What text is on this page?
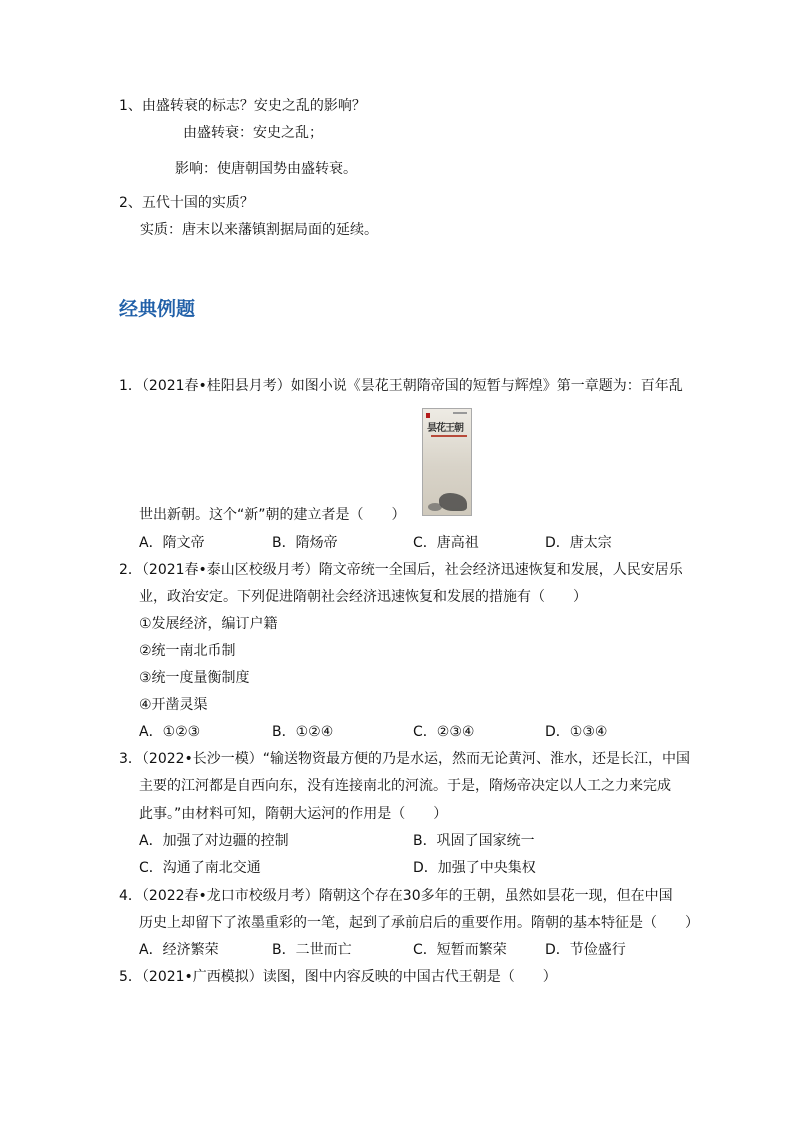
1、由盛转衰的标志？安史之乱的影响？
由盛转衰：安史之乱；
影响：使唐朝国势由盛转衰。
2、五代十国的实质？
实质：唐末以来藩镇割据局面的延续。
经典例题
1．（2021春•桂阳县月考）如图小说《昙花王朝隋帝国的短暂与辉煌》第一章题为：百年乱
昙花王朝
世出新朝。这个“新”朝的建立者是（　　）
A．隋文帝	B．隋炀帝	C．唐高祖	D．唐太宗
2．（2021春•泰山区校级月考）隋文帝统一全国后，社会经济迅速恢复和发展，人民安居乐
业，政治安定。下列促进隋朝社会经济迅速恢复和发展的措施有（　　）
①发展经济，编订户籍
②统一南北币制
③统一度量衡制度
④开凿灵渠
A．①②③	B．①②④	C．②③④	D．①③④
3．（2022•长沙一模）“输送物资最方便的乃是水运，然而无论黄河、淮水，还是长江，中国
主要的江河都是自西向东，没有连接南北的河流。于是，隋炀帝决定以人工之力来完成
此事。”由材料可知，隋朝大运河的作用是（　　）
A．加强了对边疆的控制	B．巩固了国家统一
C．沟通了南北交通	D．加强了中央集权
4．（2022春•龙口市校级月考）隋朝这个存在30多年的王朝，虽然如昙花一现，但在中国
历史上却留下了浓墨重彩的一笔，起到了承前启后的重要作用。隋朝的基本特征是（　　）
A．经济繁荣	B．二世而亡	C．短暂而繁荣	D．节俭盛行
5．（2021•广西模拟）读图，图中内容反映的中国古代王朝是（　　）
